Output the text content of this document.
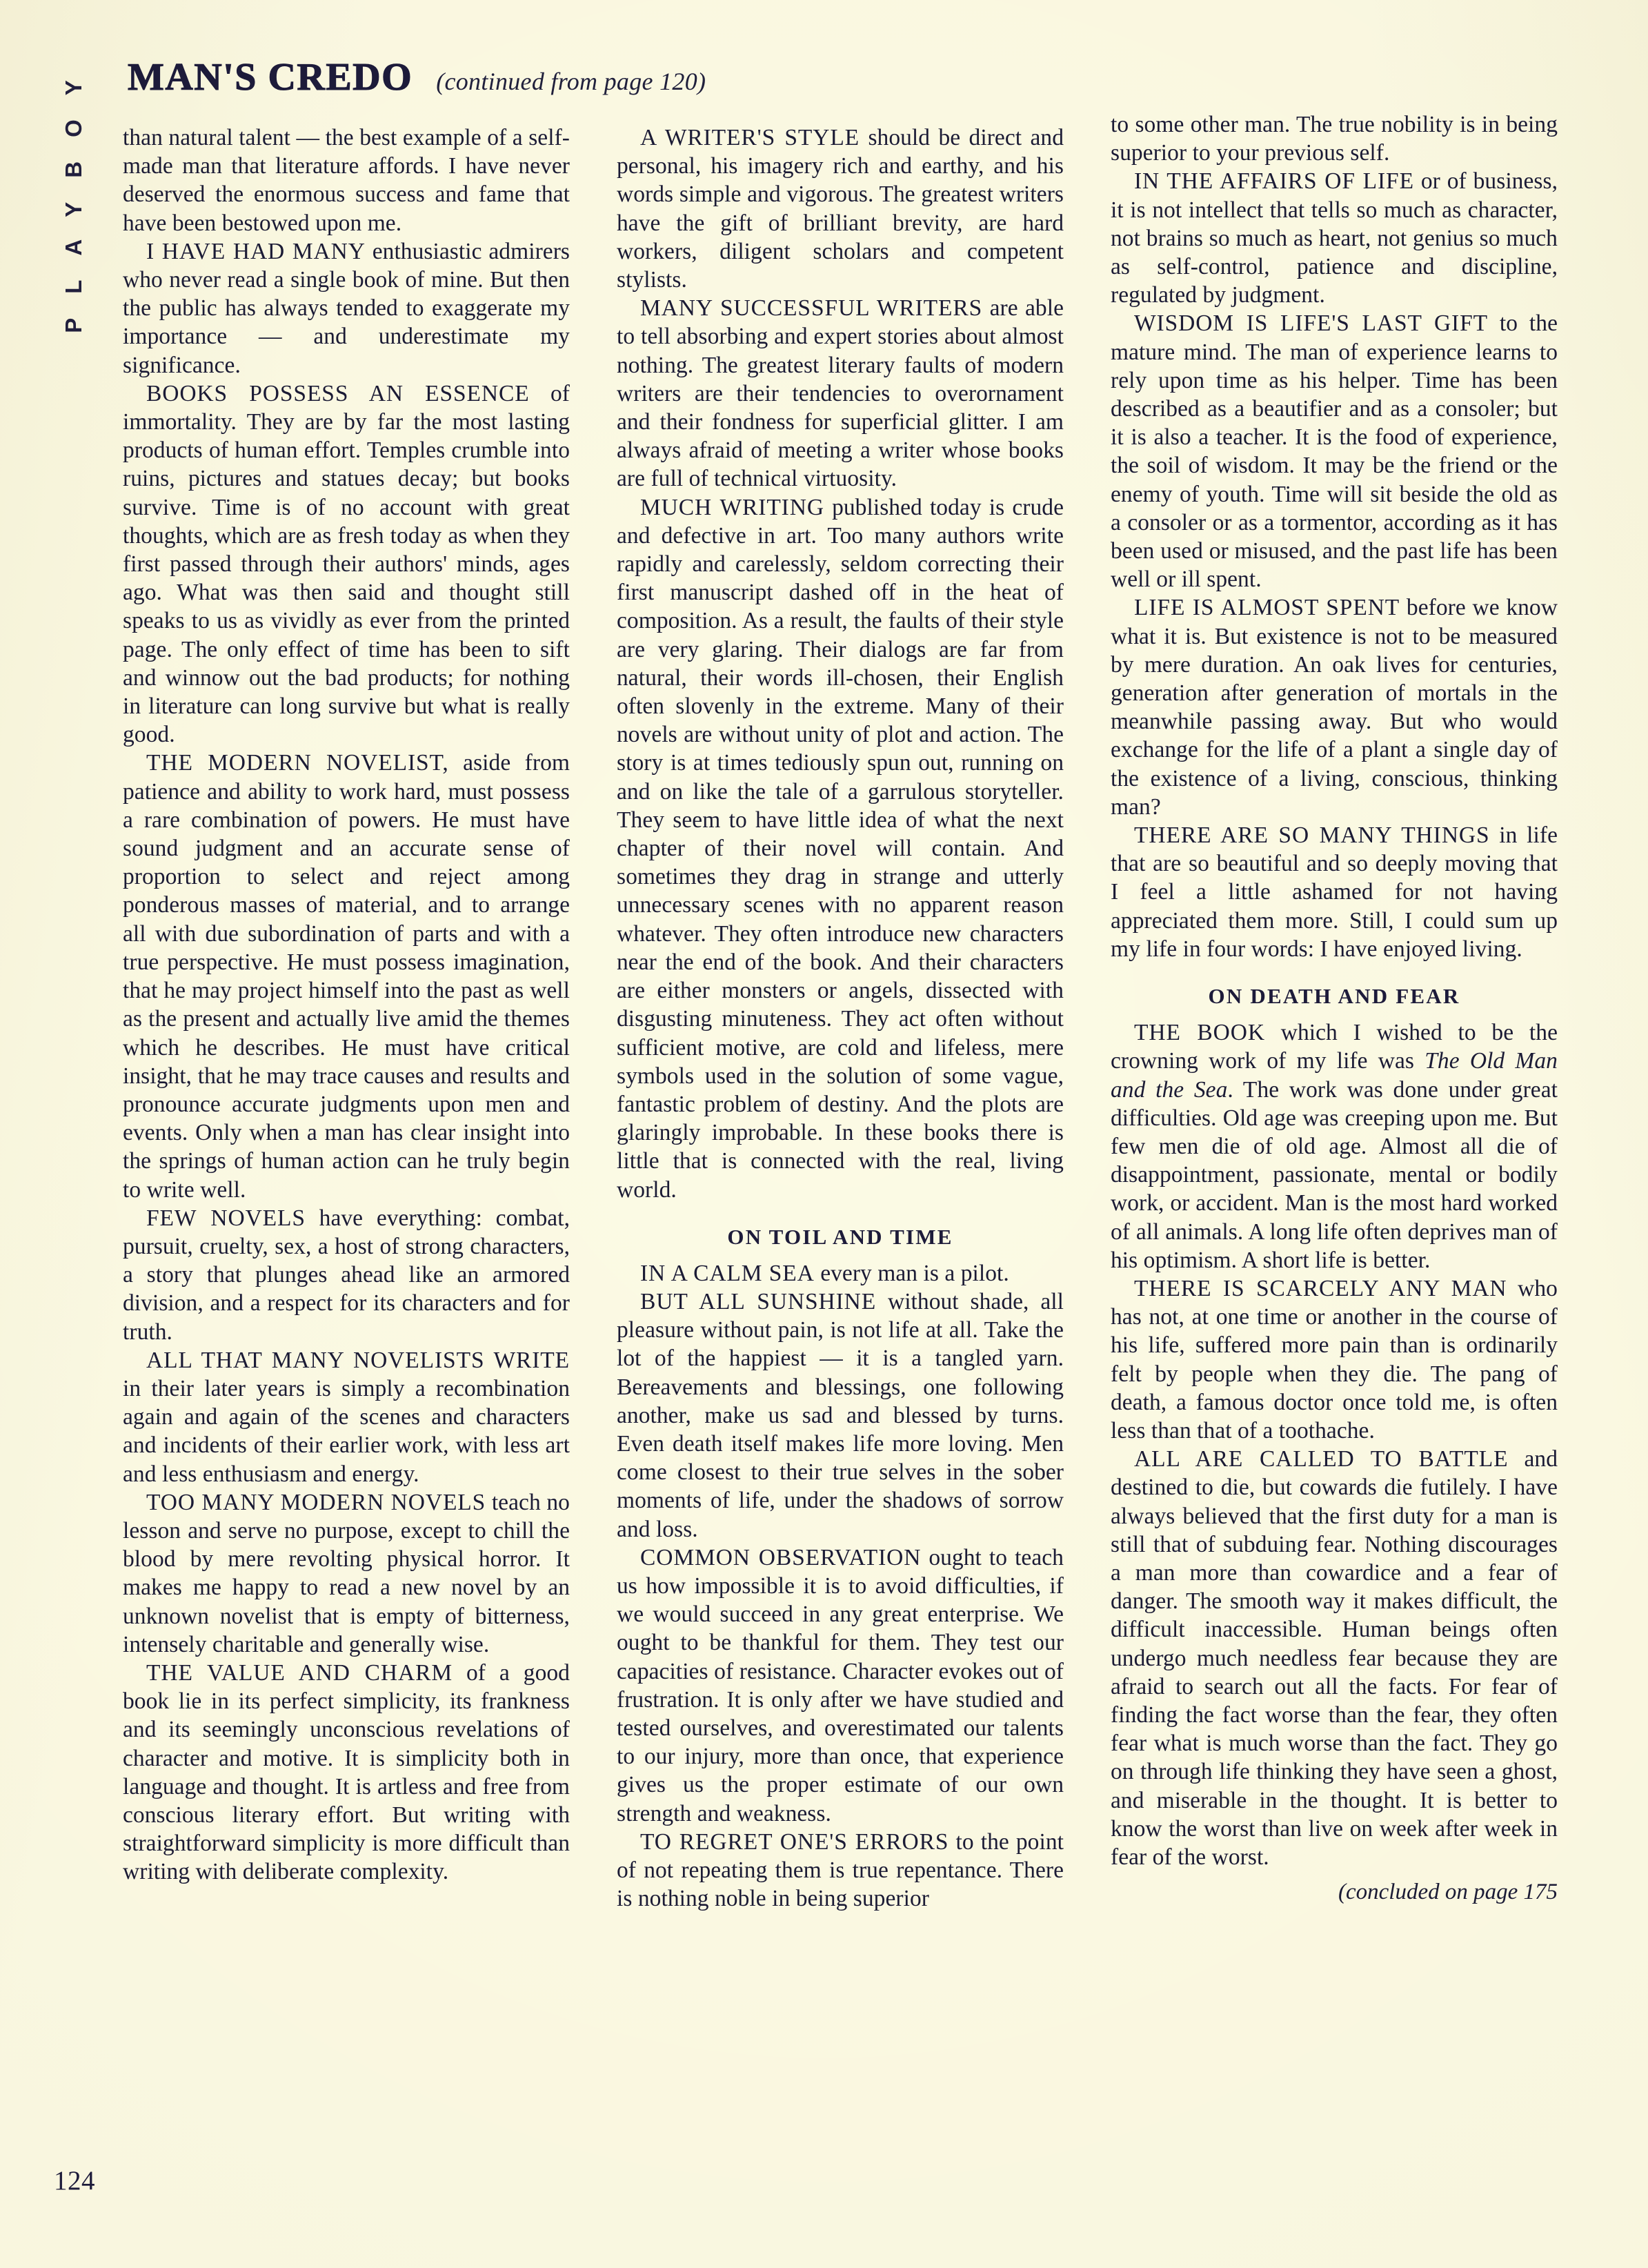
PLAYBOY MAN'S CREDO (continued from page 120)

than natural talent — the best example of a self-made man that literature affords. I have never deserved the enormous success and fame that have been bestowed upon me.

I HAVE HAD MANY enthusiastic admirers who never read a single book of mine. But then the public has always tended to exaggerate my importance — and underestimate my significance.

BOOKS POSSESS AN ESSENCE of immortality. They are by far the most lasting products of human effort. Temples crumble into ruins, pictures and statues decay; but books survive. Time is of no account with great thoughts, which are as fresh today as when they first passed through their authors' minds, ages ago. What was then said and thought still speaks to us as vividly as ever from the printed page. The only effect of time has been to sift and winnow out the bad products; for nothing in literature can long survive but what is really good.

THE MODERN NOVELIST, aside from patience and ability to work hard, must possess a rare combination of powers. He must have sound judgment and an accurate sense of proportion to select and reject among ponderous masses of material, and to arrange all with due subordination of parts and with a true perspective. He must possess imagination, that he may project himself into the past as well as the present and actually live amid the themes which he describes. He must have critical insight, that he may trace causes and results and pronounce accurate judgments upon men and events. Only when a man has clear insight into the springs of human action can he truly begin to write well.

FEW NOVELS have everything: combat, pursuit, cruelty, sex, a host of strong characters, a story that plunges ahead like an armored division, and a respect for its characters and for truth.

ALL THAT MANY NOVELISTS WRITE in their later years is simply a recombination again and again of the scenes and characters and incidents of their earlier work, with less art and less enthusiasm and energy.

TOO MANY MODERN NOVELS teach no lesson and serve no purpose, except to chill the blood by mere revolting physical horror. It makes me happy to read a new novel by an unknown novelist that is empty of bitterness, intensely charitable and generally wise.

THE VALUE AND CHARM of a good book lie in its perfect simplicity, its frankness and its seemingly unconscious revelations of character and motive. It is simplicity both in language and thought. It is artless and free from conscious literary effort. But writing with straightforward simplicity is more difficult than writing with deliberate complexity.

A WRITER'S STYLE should be direct and personal, his imagery rich and earthy, and his words simple and vigorous. The greatest writers have the gift of brilliant brevity, are hard workers, diligent scholars and competent stylists.

MANY SUCCESSFUL WRITERS are able to tell absorbing and expert stories about almost nothing. The greatest literary faults of modern writers are their tendencies to overornament and their fondness for superficial glitter. I am always afraid of meeting a writer whose books are full of technical virtuosity.

MUCH WRITING published today is crude and defective in art. Too many authors write rapidly and carelessly, seldom correcting their first manuscript dashed off in the heat of composition. As a result, the faults of their style are very glaring. Their dialogs are far from natural, their words ill-chosen, their English often slovenly in the extreme. Many of their novels are without unity of plot and action. The story is at times tediously spun out, running on and on like the tale of a garrulous storyteller. They seem to have little idea of what the next chapter of their novel will contain. And sometimes they drag in strange and utterly unnecessary scenes with no apparent reason whatever. They often introduce new characters near the end of the book. And their characters are either monsters or angels, dissected with disgusting minuteness. They act often without sufficient motive, are cold and lifeless, mere symbols used in the solution of some vague, fantastic problem of destiny. And the plots are glaringly improbable. In these books there is little that is connected with the real, living world.

ON TOIL AND TIME

IN A CALM SEA every man is a pilot.

BUT ALL SUNSHINE without shade, all pleasure without pain, is not life at all. Take the lot of the happiest — it is a tangled yarn. Bereavements and blessings, one following another, make us sad and blessed by turns. Even death itself makes life more loving. Men come closest to their true selves in the sober moments of life, under the shadows of sorrow and loss.

COMMON OBSERVATION ought to teach us how impossible it is to avoid difficulties, if we would succeed in any great enterprise. We ought to be thankful for them. They test our capacities of resistance. Character evokes out of frustration. It is only after we have studied and tested ourselves, and overestimated our talents to our injury, more than once, that experience gives us the proper estimate of our own strength and weakness.

TO REGRET ONE'S ERRORS to the point of not repeating them is true repentance. There is nothing noble in being superior

to some other man. The true nobility is in being superior to your previous self.

IN THE AFFAIRS OF LIFE or of business, it is not intellect that tells so much as character, not brains so much as heart, not genius so much as self-control, patience and discipline, regulated by judgment.

WISDOM IS LIFE'S LAST GIFT to the mature mind. The man of experience learns to rely upon time as his helper. Time has been described as a beautifier and as a consoler; but it is also a teacher. It is the food of experience, the soil of wisdom. It may be the friend or the enemy of youth. Time will sit beside the old as a consoler or as a tormentor, according as it has been used or misused, and the past life has been well or ill spent.

LIFE IS ALMOST SPENT before we know what it is. But existence is not to be measured by mere duration. An oak lives for centuries, generation after generation of mortals in the meanwhile passing away. But who would exchange for the life of a plant a single day of the existence of a living, conscious, thinking man?

THERE ARE SO MANY THINGS in life that are so beautiful and so deeply moving that I feel a little ashamed for not having appreciated them more. Still, I could sum up my life in four words: I have enjoyed living.

ON DEATH AND FEAR

THE BOOK which I wished to be the crowning work of my life was The Old Man and the Sea. The work was done under great difficulties. Old age was creeping upon me. But few men die of old age. Almost all die of disappointment, passionate, mental or bodily work, or accident. Man is the most hard worked of all animals. A long life often deprives man of his optimism. A short life is better.

THERE IS SCARCELY ANY MAN who has not, at one time or another in the course of his life, suffered more pain than is ordinarily felt by people when they die. The pang of death, a famous doctor once told me, is often less than that of a toothache.

ALL ARE CALLED TO BATTLE and destined to die, but cowards die futilely. I have always believed that the first duty for a man is still that of subduing fear. Nothing discourages a man more than cowardice and a fear of danger. The smooth way it makes difficult, the difficult inaccessible. Human beings often undergo much needless fear because they are afraid to search out all the facts. For fear of finding the fact worse than the fear, they often fear what is much worse than the fact. They go on through life thinking they have seen a ghost, and miserable in the thought. It is better to know the worst than live on week after week in fear of the worst.

(concluded on page 175
124
